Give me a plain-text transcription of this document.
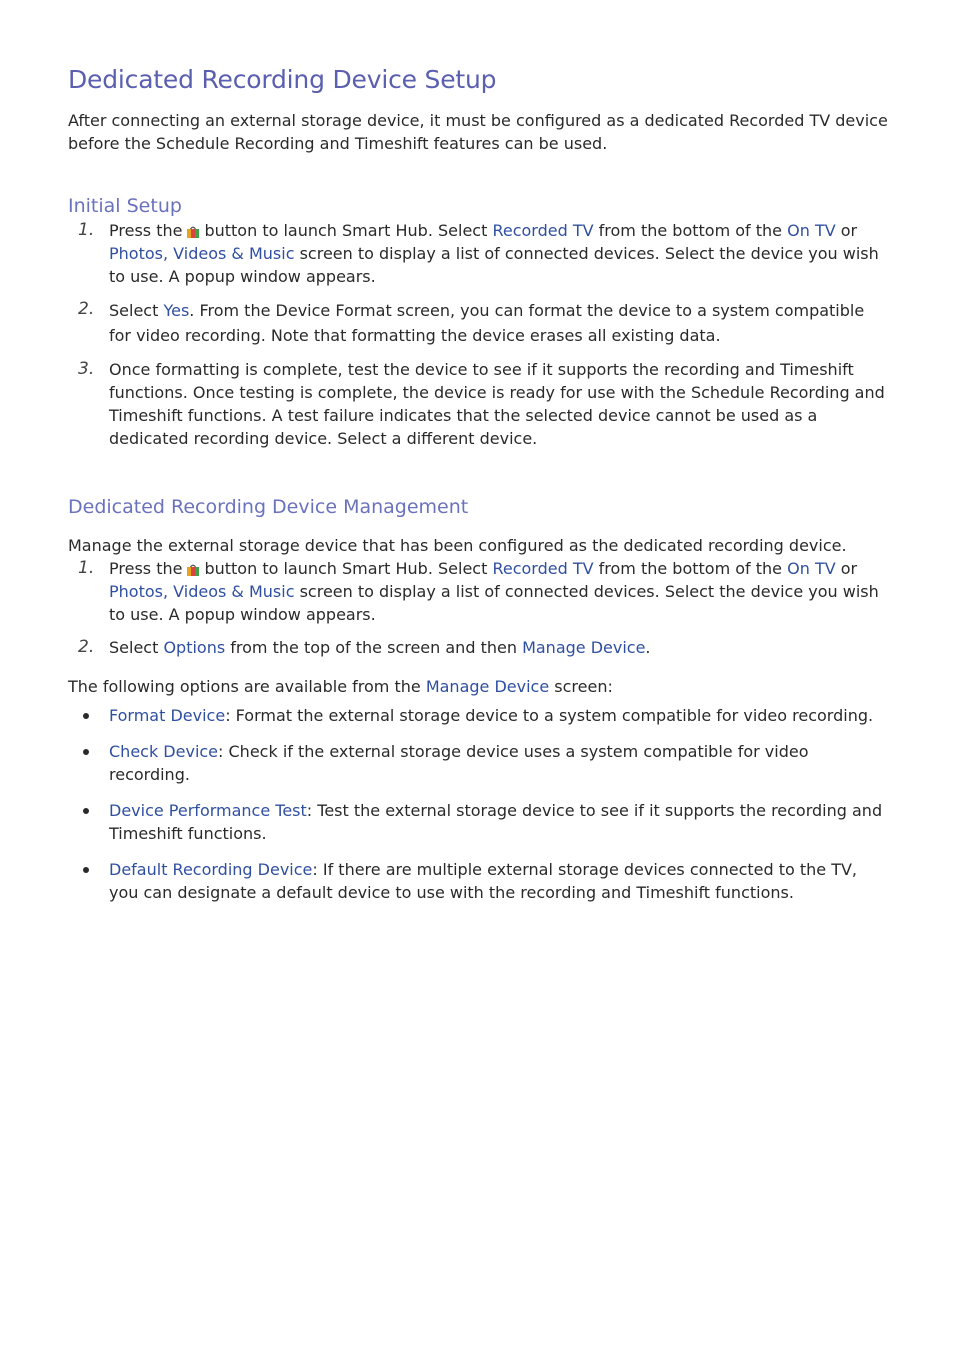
Dedicated Recording Device Setup

After connecting an external storage device, it must be configured as a dedicated Recorded TV device before the Schedule Recording and Timeshift features can be used.

Initial Setup
1. Press the button to launch Smart Hub. Select Recorded TV from the bottom of the On TV or Photos, Videos & Music screen to display a list of connected devices. Select the device you wish to use. A popup window appears.
2. Select Yes. From the Device Format screen, you can format the device to a system compatible for video recording. Note that formatting the device erases all existing data.
3. Once formatting is complete, test the device to see if it supports the recording and Timeshift functions. Once testing is complete, the device is ready for use with the Schedule Recording and Timeshift functions. A test failure indicates that the selected device cannot be used as a dedicated recording device. Select a different device.
Dedicated Recording Device Management

Manage the external storage device that has been configured as the dedicated recording device.

1. Press the button to launch Smart Hub. Select Recorded TV from the bottom of the On TV or Photos, Videos & Music screen to display a list of connected devices. Select the device you wish to use. A popup window appears.
2. Select Options from the top of the screen and then Manage Device.

The following options are available from the Manage Device screen:

Format Device: Format the external storage device to a system compatible for video recording.
Check Device: Check if the external storage device uses a system compatible for video recording.
Device Performance Test: Test the external storage device to see if it supports the recording and Timeshift functions.
Default Recording Device: If there are multiple external storage devices connected to the TV, you can designate a default device to use with the recording and Timeshift functions.
